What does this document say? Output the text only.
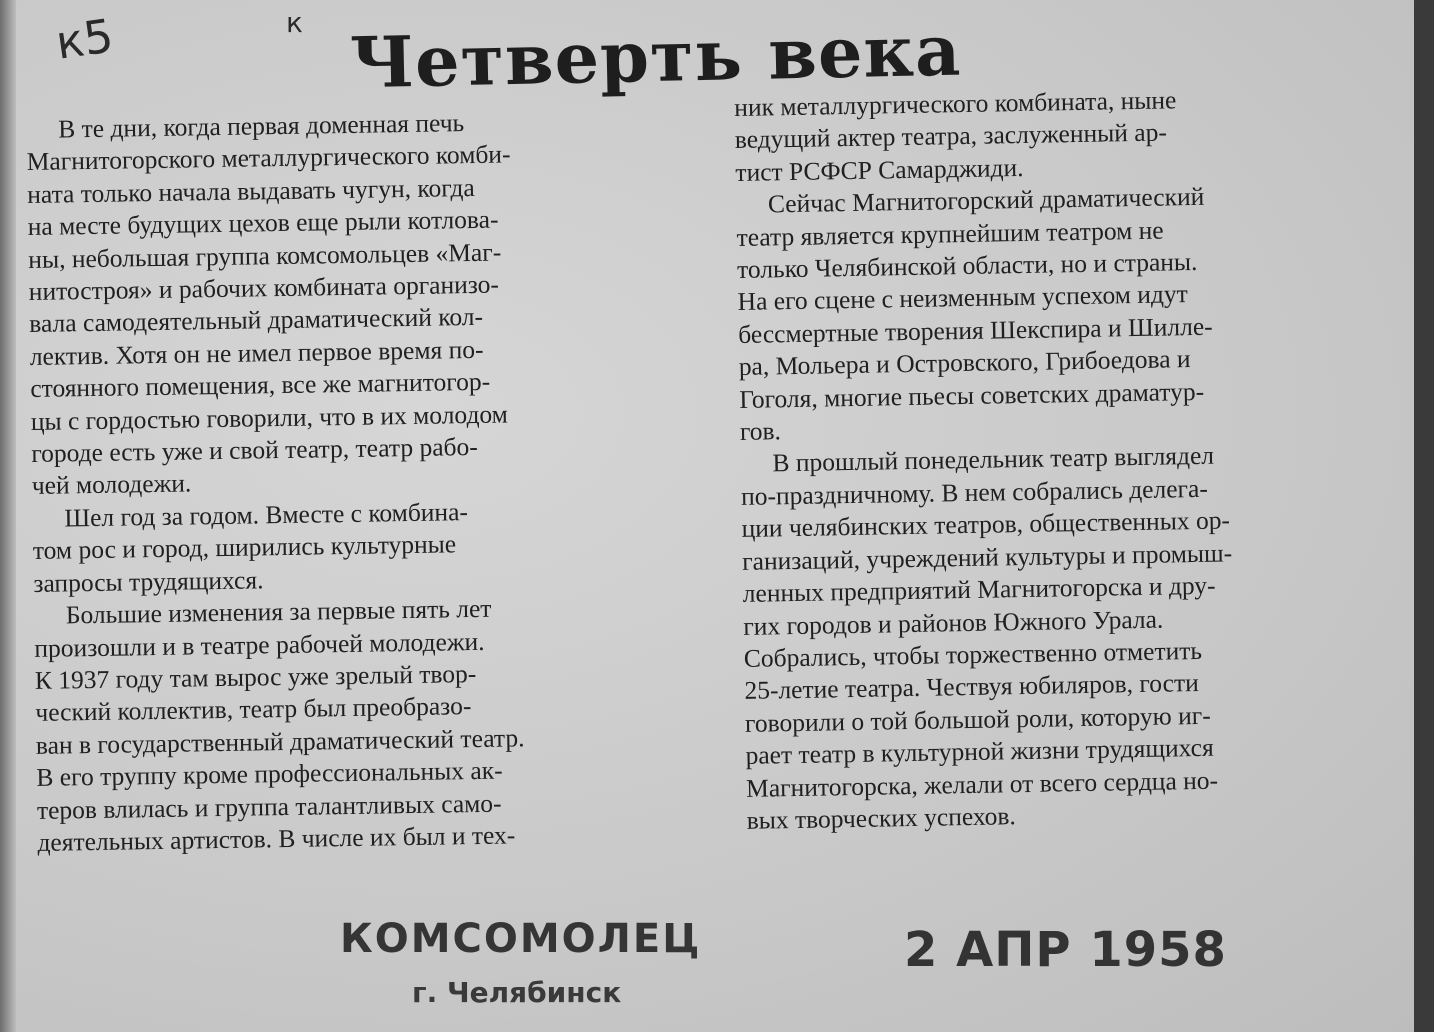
к5	к Четверть века

В те дни, когда первая доменная печь

Магнитогорского металлургического комби-

ната только начала выдавать чугун, когда

на месте будущих цехов еще рыли котлова-

ны, небольшая группа комсомольцев «Маг-

нитостроя» и рабочих комбината организо-

вала самодеятельный драматический кол-

лектив. Хотя он не имел первое время по-

стоянного помещения, все же магнитогор-

цы с гордостью говорили, что в их молодом

городе есть уже и свой театр, театр рабо-

чей молодежи.

Шел год за годом. Вместе с комбина-

том рос и город, ширились культурные

запросы трудящихся.

Большие изменения за первые пять лет

произошли и в театре рабочей молодежи.

К 1937 году там вырос уже зрелый твор-

ческий коллектив, театр был преобразо-

ван в государственный драматический театр.

В его труппу кроме профессиональных ак-

теров влилась и группа талантливых само-

деятельных артистов. В числе их был и тех-

ник металлургического комбината, ныне

ведущий актер театра, заслуженный ар-

тист РСФСР Самарджиди.

Сейчас Магнитогорский драматический

театр является крупнейшим театром не

только Челябинской области, но и страны.

На его сцене с неизменным успехом идут

бессмертные творения Шекспира и Шилле-

ра, Мольера и Островского, Грибоедова и

Гоголя, многие пьесы советских драматур-

гов.

В прошлый понедельник театр выглядел

по-праздничному. В нем собрались делега-

ции челябинских театров, общественных ор-

ганизаций, учреждений культуры и промыш-

ленных предприятий Магнитогорска и дру-

гих городов и районов Южного Урала.

Собрались, чтобы торжественно отметить

25-летие театра. Чествуя юбиляров, гости

говорили о той большой роли, которую иг-

рает театр в культурной жизни трудящихся

Магнитогорска, желали от всего сердца но-

вых творческих успехов.

КОМСОМОЛЕЦ
г. Челябинск
2 АПР 1958
